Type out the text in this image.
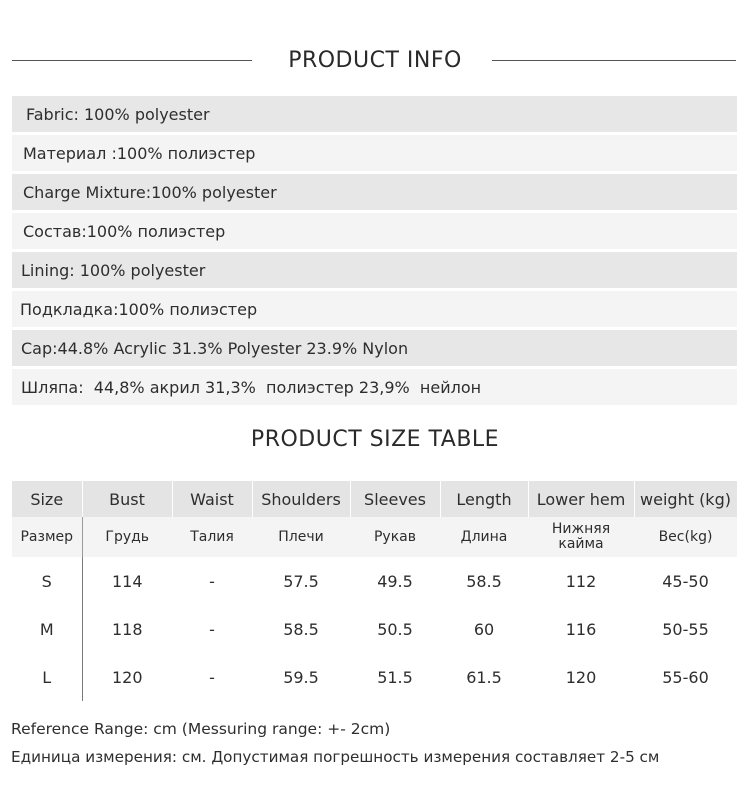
PRODUCT INFO
Fabric: 100% polyester
Материал :100% полиэстер
Charge Mixture:100% polyester
Состав:100% полиэстер
Lining: 100% polyester
Подкладка:100% полиэстер
Cap:44.8% Acrylic 31.3% Polyester 23.9% Nylon
Шляпа:  44,8% акрил 31,3%  полиэстер 23,9%  нейлон
PRODUCT SIZE TABLE
Size	Bust	Waist	Shoulders	Sleeves	Length	Lower hem	weight (kg)
Размер	Грудь	Талия	Плечи	Рукав	Длина	Нижняя кайма	Вес(kg)
S	114	-	57.5	49.5	58.5	112	45-50
M	118	-	58.5	50.5	60	116	50-55
L	120	-	59.5	51.5	61.5	120	55-60
Reference Range: cm (Messuring range: +- 2cm)
Единица измерения: см. Допустимая погрешность измерения составляет 2-5 см
